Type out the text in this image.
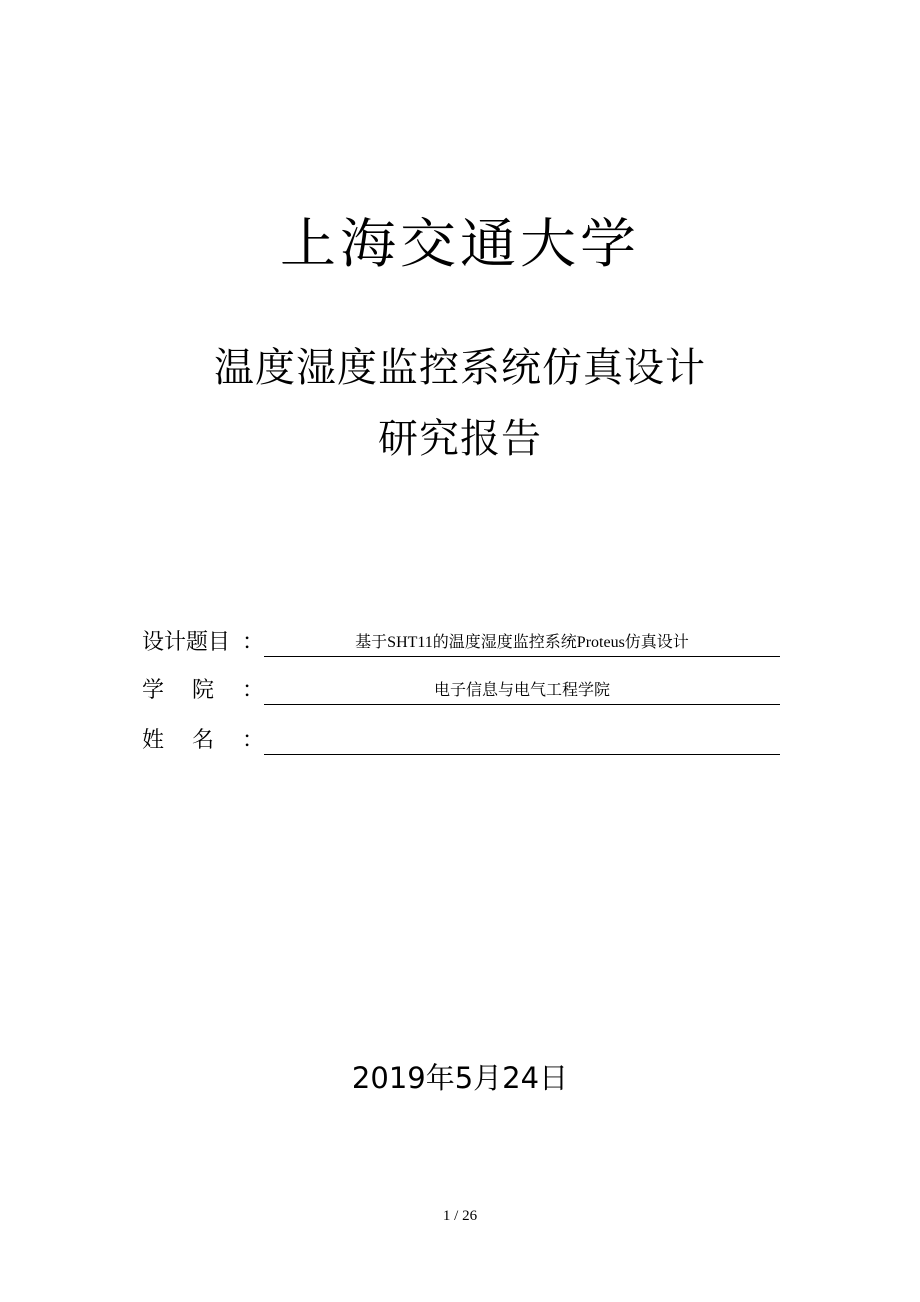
上海交通大学
温度湿度监控系统仿真设计
研究报告
设计题目 ：	基于SHT11的温度湿度监控系统Proteus仿真设计
学    院	：	电子信息与电气工程学院
姓    名	：
2019年5月24日
1 / 26
